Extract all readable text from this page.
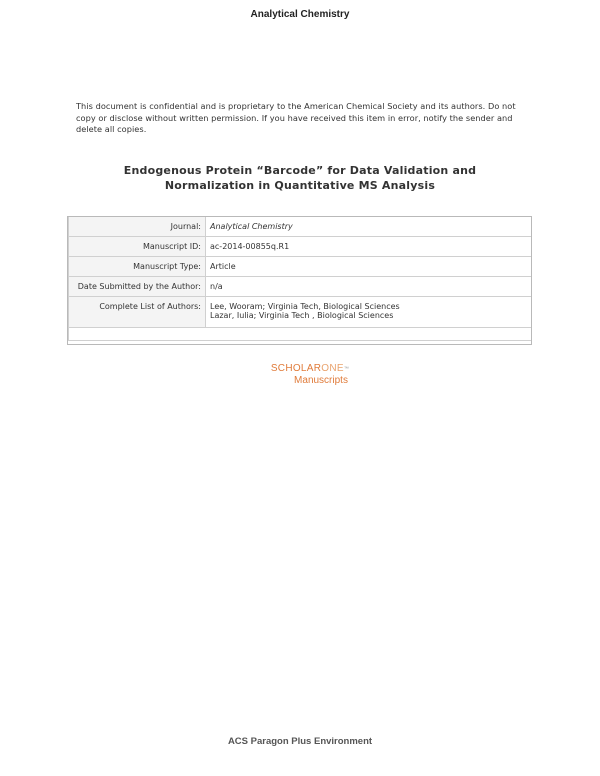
Analytical Chemistry
This document is confidential and is proprietary to the American Chemical Society and its authors. Do not copy or disclose without written permission. If you have received this item in error, notify the sender and delete all copies.
Endogenous Protein “Barcode” for Data Validation and
Normalization in Quantitative MS Analysis
Journal:	Analytical Chemistry
Manuscript ID:	ac-2014-00855q.R1
Manuscript Type:	Article
Date Submitted by the Author:	n/a
Complete List of Authors:	Lee, Wooram; Virginia Tech, Biological Sciences
Lazar, Iulia; Virginia Tech , Biological Sciences

SCHOLARONE™
Manuscripts
ACS Paragon Plus Environment
